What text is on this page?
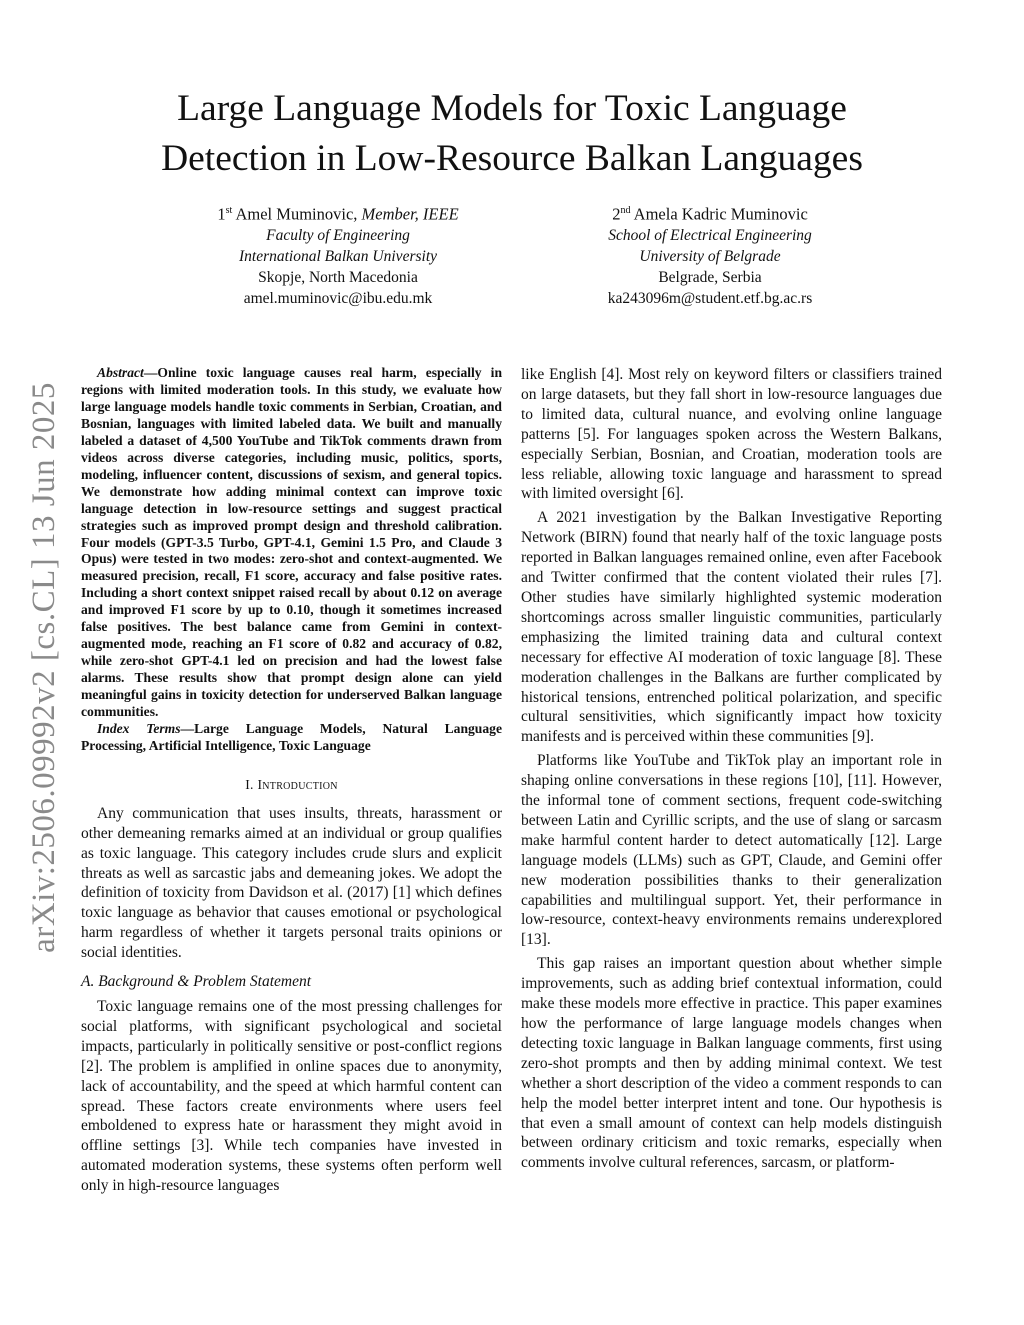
arXiv:2506.09992v2 [cs.CL] 13 Jun 2025
Large Language Models for Toxic Language
Detection in Low-Resource Balkan Languages
1st Amel Muminovic, Member, IEEE
Faculty of Engineering
International Balkan University
Skopje, North Macedonia
amel.muminovic@ibu.edu.mk
2nd Amela Kadric Muminovic
School of Electrical Engineering
University of Belgrade
Belgrade, Serbia
ka243096m@student.etf.bg.ac.rs

Abstract—Online toxic language causes real harm, especially in regions with limited moderation tools. In this study, we evaluate how large language models handle toxic comments in Serbian, Croatian, and Bosnian, languages with limited labeled data. We built and manually labeled a dataset of 4,500 YouTube and TikTok comments drawn from videos across diverse categories, including music, politics, sports, modeling, influencer content, discussions of sexism, and general topics. We demonstrate how adding minimal context can improve toxic language detection in low-resource settings and suggest practical strategies such as improved prompt design and threshold calibration. Four models (GPT-3.5 Turbo, GPT-4.1, Gemini 1.5 Pro, and Claude 3 Opus) were tested in two modes: zero-shot and context-augmented. We measured precision, recall, F1 score, accuracy and false positive rates. Including a short context snippet raised recall by about 0.12 on average and improved F1 score by up to 0.10, though it sometimes increased false positives. The best balance came from Gemini in context-augmented mode, reaching an F1 score of 0.82 and accuracy of 0.82, while zero-shot GPT-4.1 led on precision and had the lowest false alarms. These results show that prompt design alone can yield meaningful gains in toxicity detection for underserved Balkan language communities.

Index Terms—Large Language Models, Natural Language Processing, Artificial Intelligence, Toxic Language

I. Introduction

Any communication that uses insults, threats, harassment or other demeaning remarks aimed at an individual or group qualifies as toxic language. This category includes crude slurs and explicit threats as well as sarcastic jabs and demeaning jokes. We adopt the definition of toxicity from Davidson et al. (2017) [1] which defines toxic language as behavior that causes emotional or psychological harm regardless of whether it targets personal traits opinions or social identities.

A. Background & Problem Statement

Toxic language remains one of the most pressing challenges for social platforms, with significant psychological and societal impacts, particularly in politically sensitive or post-conflict regions [2]. The problem is amplified in online spaces due to anonymity, lack of accountability, and the speed at which harmful content can spread. These factors create environments where users feel emboldened to express hate or harassment they might avoid in offline settings [3]. While tech companies have invested in automated moderation systems, these systems often perform well only in high-resource languages

like English [4]. Most rely on keyword filters or classifiers trained on large datasets, but they fall short in low-resource languages due to limited data, cultural nuance, and evolving online language patterns [5]. For languages spoken across the Western Balkans, especially Serbian, Bosnian, and Croatian, moderation tools are less reliable, allowing toxic language and harassment to spread with limited oversight [6].

A 2021 investigation by the Balkan Investigative Reporting Network (BIRN) found that nearly half of the toxic language posts reported in Balkan languages remained online, even after Facebook and Twitter confirmed that the content violated their rules [7]. Other studies have similarly highlighted systemic moderation shortcomings across smaller linguistic communities, particularly emphasizing the limited training data and cultural context necessary for effective AI moderation of toxic language [8]. These moderation challenges in the Balkans are further complicated by historical tensions, entrenched political polarization, and specific cultural sensitivities, which significantly impact how toxicity manifests and is perceived within these communities [9].

Platforms like YouTube and TikTok play an important role in shaping online conversations in these regions [10], [11]. However, the informal tone of comment sections, frequent code-switching between Latin and Cyrillic scripts, and the use of slang or sarcasm make harmful content harder to detect automatically [12]. Large language models (LLMs) such as GPT, Claude, and Gemini offer new moderation possibilities thanks to their generalization capabilities and multilingual support. Yet, their performance in low-resource, context-heavy environments remains underexplored [13].

This gap raises an important question about whether simple improvements, such as adding brief contextual information, could make these models more effective in practice. This paper examines how the performance of large language models changes when detecting toxic language in Balkan language comments, first using zero-shot prompts and then by adding minimal context. We test whether a short description of the video a comment responds to can help the model better interpret intent and tone. Our hypothesis is that even a small amount of context can help models distinguish between ordinary criticism and toxic remarks, especially when comments involve cultural references, sarcasm, or platform-
